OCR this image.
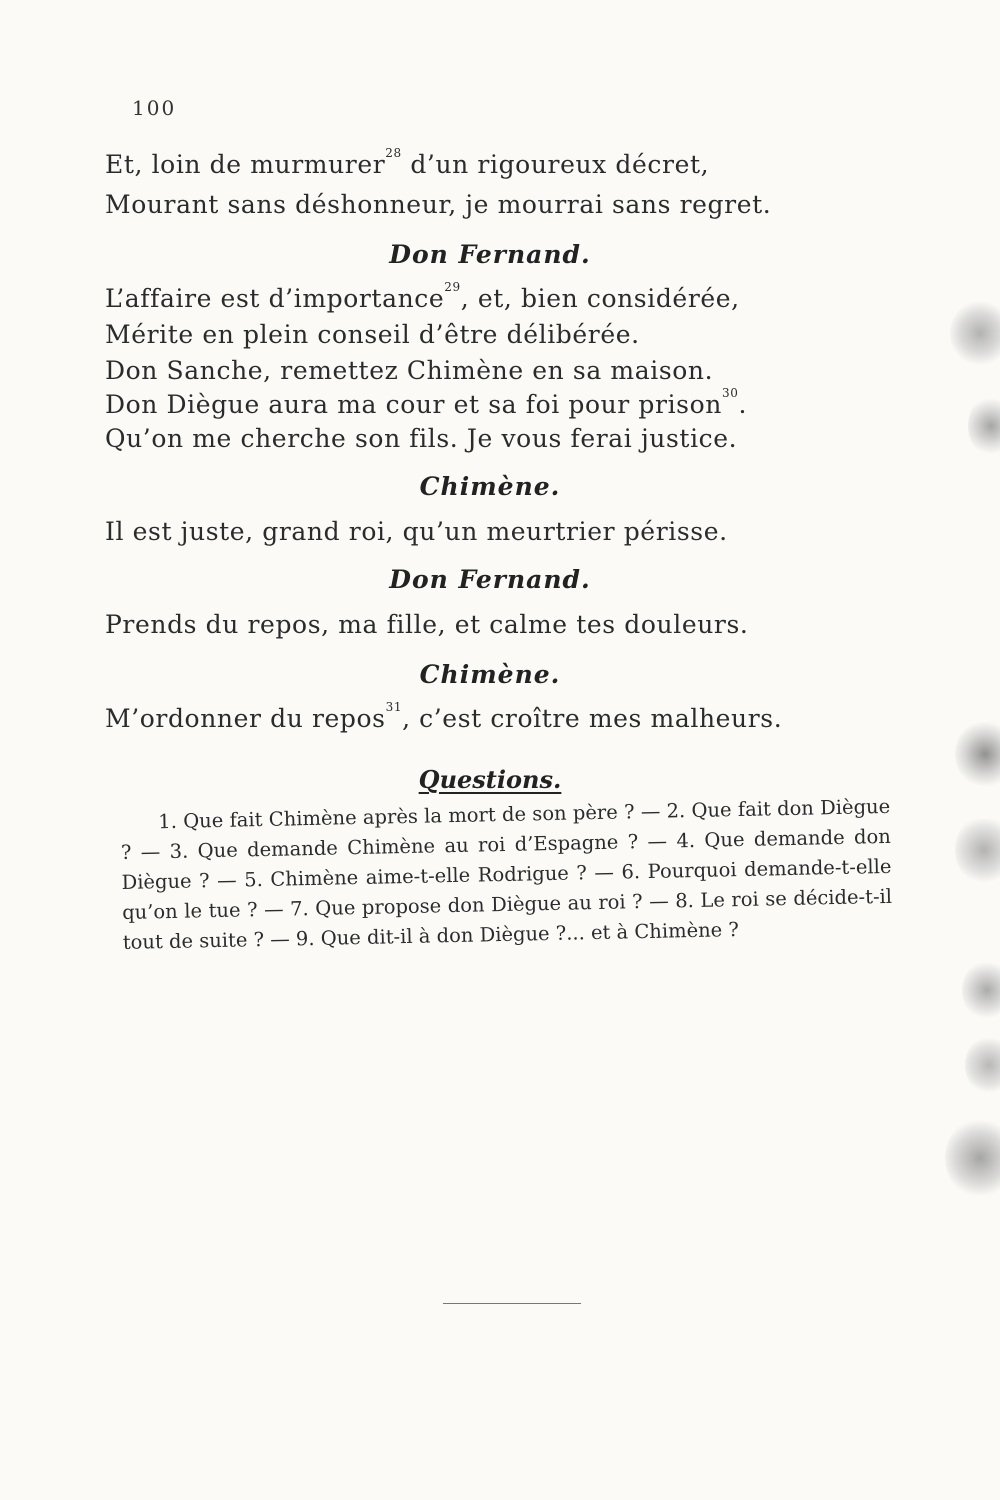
100
Et, loin de murmurer$^{28}$ d’un rigoureux décret,
Mourant sans déshonneur, je mourrai sans regret.
Don Fernand.
L’affaire est d’importance$^{29}$, et, bien considérée,
Mérite en plein conseil d’être délibérée.
Don Sanche, remettez Chimène en sa maison.
Don Diègue aura ma cour et sa foi pour prison$^{30}$.
Qu’on me cherche son fils. Je vous ferai justice.
Chimène.
Il est juste, grand roi, qu’un meurtrier périsse.
Don Fernand.
Prends du repos, ma fille, et calme tes douleurs.
Chimène.
M’ordonner du repos$^{31}$, c’est croître mes malheurs.
Questions.

1. Que fait Chimène après la mort de son père ? — 2. Que fait don Diègue ? — 3. Que demande Chimène au roi d’Espagne ? — 4. Que demande don Diègue ? — 5. Chimène aime-t-elle Rodrigue ? — 6. Pourquoi demande-t-elle qu’on le tue ? — 7. Que propose don Diègue au roi ? — 8. Le roi se décide-t-il tout de suite ? — 9. Que dit-il à don Diègue ?... et à Chimène ?
